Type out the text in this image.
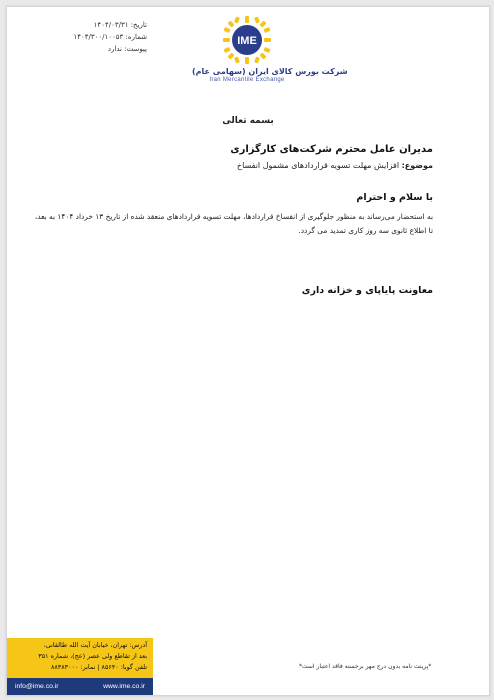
تاریخ: ۱۴۰۴/۰۳/۳۱
شماره: ۱۴۰۴/۳۰۰/۱۰۰۵۳
پیوست: ندارد
IME
شرکت بورس کالای ایران (سهامی عام)
Iran Mercantile Exchange
بسمه تعالی
مدیران عامل محترم شرکت‌های کارگزاری
موضوع: افزایش مهلت تسویه قراردادهای مشمول انفساخ
با سلام و احترام
به استحضار می‌رساند به منظور جلوگیری از انفساخ قراردادها، مهلت تسویه قراردادهای منعقد شده از تاریخ ۱۳ خرداد ۱۴۰۴ به بعد،
تا اطلاع ثانوی سه روز کاری تمدید می گردد.
معاونت پایاپای و خزانه داری
آدرس: تهران، خیابان آیت الله طالقانی،
بعد از تقاطع ولی عصر (عج)، شماره ۳۵۱
تلفن گویا: ۸۵۶۴۰ | نمابر: ۸۸۳۸۳۰۰۰
info@ime.co.ir	www.ime.co.ir
*پرینت نامه بدون درج مهر برجسته فاقد اعتبار است*
